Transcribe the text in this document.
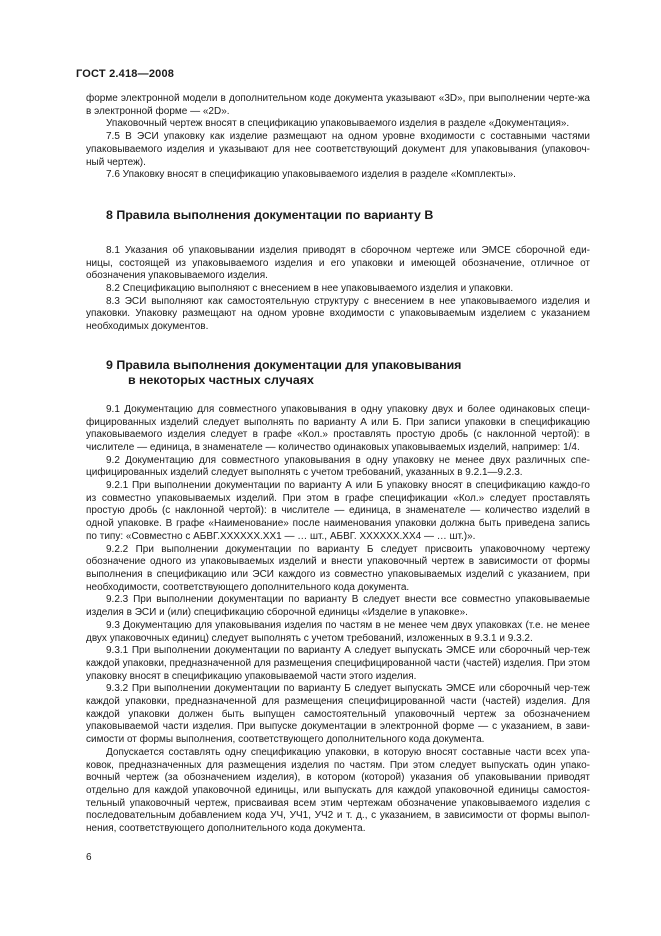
ГОСТ 2.418—2008

форме электронной модели в дополнительном коде документа указывают «3D», при выполнении черте-жа в электронной форме — «2D».

Упаковочный чертеж вносят в спецификацию упаковываемого изделия в разделе «Документация».

7.5 В ЭСИ упаковку как изделие размещают на одном уровне входимости с составными частями упаковываемого изделия и указывают для нее соответствующий документ для упаковывания (упаковоч-ный чертеж).

7.6 Упаковку вносят в спецификацию упаковываемого изделия в разделе «Комплекты».

8 Правила выполнения документации по варианту В

8.1 Указания об упаковывании изделия приводят в сборочном чертеже или ЭМСЕ сборочной еди-ницы, состоящей из упаковываемого изделия и его упаковки и имеющей обозначение, отличное от обозначения упаковываемого изделия.

8.2 Спецификацию выполняют с внесением в нее упаковываемого изделия и упаковки.

8.3 ЭСИ выполняют как самостоятельную структуру с внесением в нее упаковываемого изделия и упаковки. Упаковку размещают на одном уровне входимости с упаковываемым изделием с указанием необходимых документов.

9 Правила выполнения документации для упаковывания

в некоторых частных случаях

9.1 Документацию для совместного упаковывания в одну упаковку двух и более одинаковых специ-фицированных изделий следует выполнять по варианту А или Б. При записи упаковки в спецификацию упаковываемого изделия следует в графе «Кол.» проставлять простую дробь (с наклонной чертой): в числителе — единица, в знаменателе — количество одинаковых упаковываемых изделий, например: 1/4.

9.2 Документацию для совместного упаковывания в одну упаковку не менее двух различных спе-цифицированных изделий следует выполнять с учетом требований, указанных в 9.2.1—9.2.3.

9.2.1 При выполнении документации по варианту А или Б упаковку вносят в спецификацию каждо-го из совместно упаковываемых изделий. При этом в графе спецификации «Кол.» следует проставлять простую дробь (с наклонной чертой): в числителе — единица, в знаменателе — количество изделий в одной упаковке. В графе «Наименование» после наименования упаковки должна быть приведена запись по типу: «Совместно с АБВГ.XXXXXX.XX1 — … шт., АБВГ. XXXXXX.XX4 — … шт.)».

9.2.2 При выполнении документации по варианту Б следует присвоить упаковочному чертежу обозначение одного из упаковываемых изделий и внести упаковочный чертеж в зависимости от формы выполнения в спецификацию или ЭСИ каждого из совместно упаковываемых изделий с указанием, при необходимости, соответствующего дополнительного кода документа.

9.2.3 При выполнении документации по варианту В следует внести все совместно упаковываемые изделия в ЭСИ и (или) спецификацию сборочной единицы «Изделие в упаковке».

9.3 Документацию для упаковывания изделия по частям в не менее чем двух упаковках (т.е. не менее двух упаковочных единиц) следует выполнять с учетом требований, изложенных в 9.3.1 и 9.3.2.

9.3.1 При выполнении документации по варианту А следует выпускать ЭМСЕ или сборочный чер-теж каждой упаковки, предназначенной для размещения специфицированной части (частей) изделия. При этом упаковку вносят в спецификацию упаковываемой части этого изделия.

9.3.2 При выполнении документации по варианту Б следует выпускать ЭМСЕ или сборочный чер-теж каждой упаковки, предназначенной для размещения специфицированной части (частей) изделия. Для каждой упаковки должен быть выпущен самостоятельный упаковочный чертеж за обозначением упаковываемой части изделия. При выпуске документации в электронной форме — с указанием, в зави-симости от формы выполнения, соответствующего дополнительного кода документа.

Допускается составлять одну спецификацию упаковки, в которую вносят составные части всех упа-ковок, предназначенных для размещения изделия по частям. При этом следует выпускать один упако-вочный чертеж (за обозначением изделия), в котором (которой) указания об упаковывании приводят отдельно для каждой упаковочной единицы, или выпускать для каждой упаковочной единицы самостоя-тельный упаковочный чертеж, присваивая всем этим чертежам обозначение упаковываемого изделия с последовательным добавлением кода УЧ, УЧ1, УЧ2 и т. д., с указанием, в зависимости от формы выпол-нения, соответствующего дополнительного кода документа.

6
